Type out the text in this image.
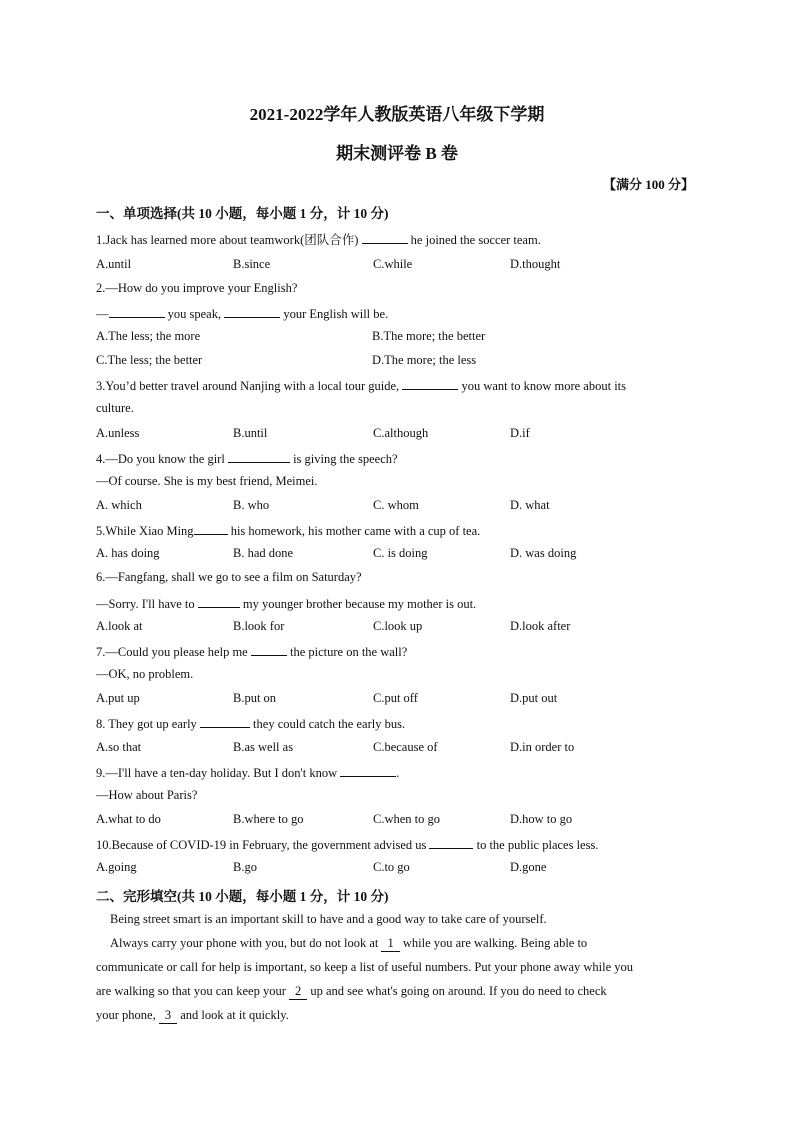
2021-2022学年人教版英语八年级下学期
期末测评卷 B 卷
【满分 100 分】
一、单项选择(共 10 小题，每小题 1 分，计 10 分)
1.Jack has learned more about teamwork(团队合作)	he joined the soccer team.
A.until	B.since	C.while	D.thought
2.—How do you improve your English?
—	you speak,	your English will be.
A.The less; the more	B.The more; the better
C.The less; the better	D.The more; the less
3.You’d better travel around Nanjing with a local tour guide,	you want to know more about its
culture.
A.unless	B.until	C.although	D.if
4.—Do you know the girl	is giving the speech?
—Of course. She is my best friend, Meimei.
A. which	B. who	C. whom	D. what
5.While Xiao Ming	his homework, his mother came with a cup of tea.
A. has doing	B. had done	C. is doing	D. was doing
6.—Fangfang, shall we go to see a film on Saturday?
—Sorry. I'll have to	my younger brother because my mother is out.
A.look at	B.look for	C.look up	D.look after
7.—Could you please help me	the picture on the wall?
—OK, no problem.
A.put up	B.put on	C.put off	D.put out
8. They got up early	they could catch the early bus.
A.so that	B.as well as	C.because of	D.in order to
9.—I'll have a ten-day holiday. But I don't know	.
—How about Paris?
A.what to do	B.where to go	C.when to go	D.how to go
10.Because of COVID-19 in February, the government advised us	to the public places less.
A.going	B.go	C.to go	D.gone
二、完形填空(共 10 小题，每小题 1 分，计 10 分)
Being street smart is an important skill to have and a good way to take care of yourself.
Always carry your phone with you, but do not look at 1 while you are walking. Being able to
communicate or call for help is important, so keep a list of useful numbers. Put your phone away while you
are walking so that you can keep your 2 up and see what's going on around. If you do need to check
your phone, 3 and look at it quickly.
